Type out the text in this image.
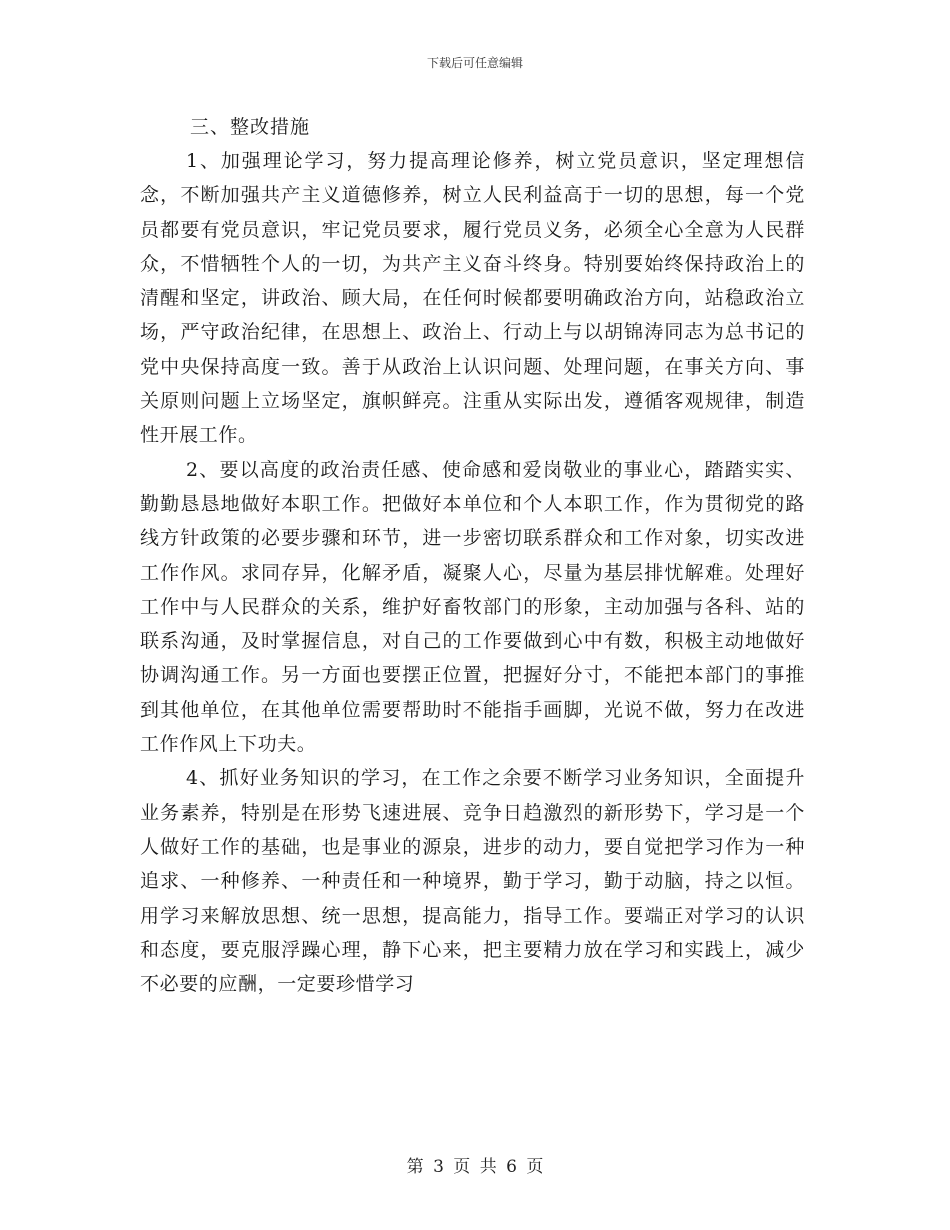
下载后可任意编辑

三、整改措施

1、加强理论学习，努力提高理论修养，树立党员意识，坚定理想信念，不断加强共产主义道德修养，树立人民利益高于一切的思想，每一个党员都要有党员意识，牢记党员要求，履行党员义务，必须全心全意为人民群众，不惜牺牲个人的一切，为共产主义奋斗终身。特别要始终保持政治上的清醒和坚定，讲政治、顾大局，在任何时候都要明确政治方向，站稳政治立场，严守政治纪律，在思想上、政治上、行动上与以胡锦涛同志为总书记的党中央保持高度一致。善于从政治上认识问题、处理问题，在事关方向、事关原则问题上立场坚定，旗帜鲜亮。注重从实际出发，遵循客观规律，制造性开展工作。

2、要以高度的政治责任感、使命感和爱岗敬业的事业心，踏踏实实、勤勤恳恳地做好本职工作。把做好本单位和个人本职工作，作为贯彻党的路线方针政策的必要步骤和环节，进一步密切联系群众和工作对象，切实改进工作作风。求同存异，化解矛盾，凝聚人心，尽量为基层排忧解难。处理好工作中与人民群众的关系，维护好畜牧部门的形象，主动加强与各科、站的联系沟通，及时掌握信息，对自己的工作要做到心中有数，积极主动地做好协调沟通工作。另一方面也要摆正位置，把握好分寸，不能把本部门的事推到其他单位，在其他单位需要帮助时不能指手画脚，光说不做，努力在改进工作作风上下功夫。

4、抓好业务知识的学习，在工作之余要不断学习业务知识，全面提升业务素养，特别是在形势飞速进展、竞争日趋激烈的新形势下，学习是一个人做好工作的基础，也是事业的源泉，进步的动力，要自觉把学习作为一种追求、一种修养、一种责任和一种境界，勤于学习，勤于动脑，持之以恒。用学习来解放思想、统一思想，提高能力，指导工作。要端正对学习的认识和态度，要克服浮躁心理，静下心来，把主要精力放在学习和实践上，减少不必要的应酬，一定要珍惜学习

第 3 页 共 6 页
